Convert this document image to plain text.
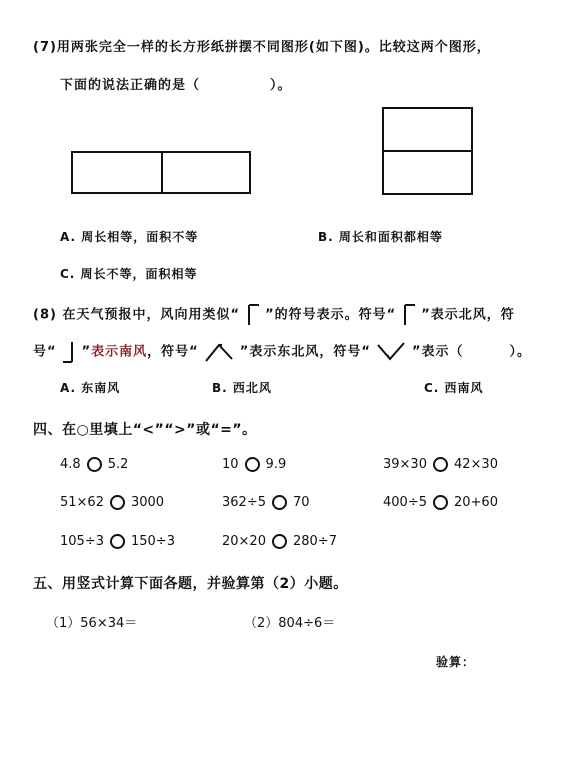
(7)用两张完全一样的长方形纸拼摆不同图形(如下图)。比较这两个图形，
下面的说法正确的是（	）。
A. 周长相等，面积不等	B. 周长和面积都相等
C. 周长不等，面积相等
(8) 在天气预报中，风向用类似“ ”的符号表示。符号“ ”表示北风，符
号“ ”表示南风，符号“	”表示东北风，符号“	”表示（	）。
A. 东南风	B. 西北风	C. 西南风
四、在○里填上“<”“>”或“=”。
4.8 5.2	10 9.9	39×30 42×30
51×62 3000	362÷5 70	400÷5 20+60
105÷3 150÷3	20×20 280÷7
五、用竖式计算下面各题，并验算第（2）小题。
（1）56×34＝	（2）804÷6＝
验算：
